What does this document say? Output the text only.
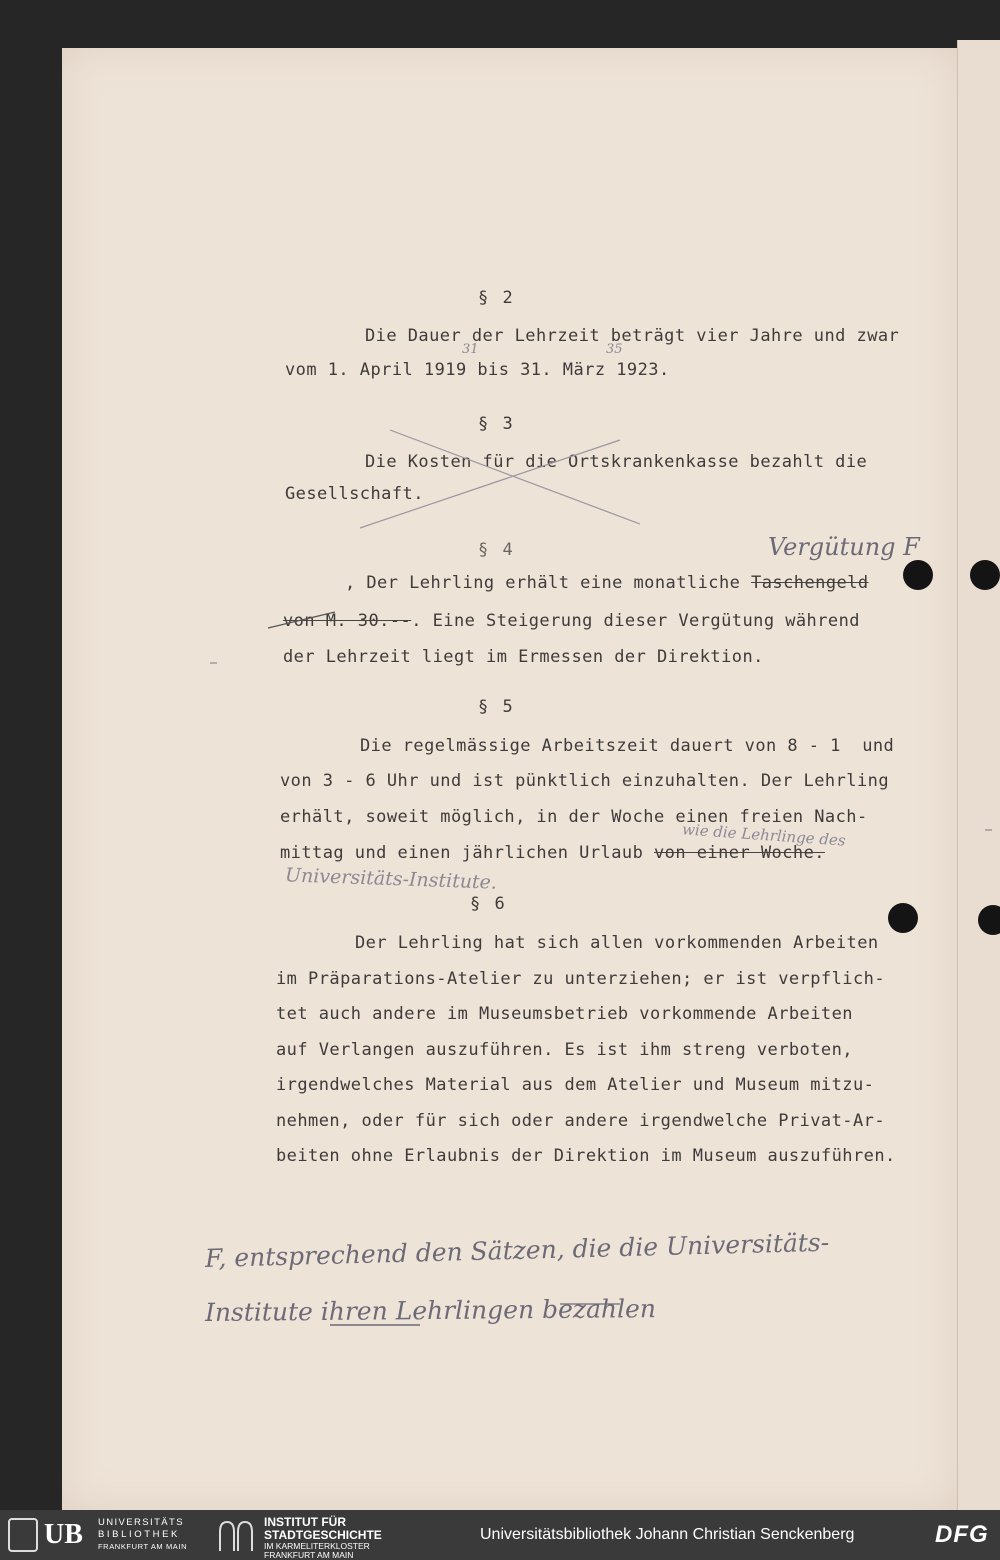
§ 2
Die Dauer der Lehrzeit beträgt vier Jahre und zwar
vom 1. April 1919 bis 31. März 1923.
31	35
§ 3
Die Kosten für die Ortskrankenkasse bezahlt die
Gesellschaft.
§ 4	Vergütung F
, Der Lehrling erhält eine monatliche Taschengeld
von M. 30.--. Eine Steigerung dieser Vergütung während
der Lehrzeit liegt im Ermessen der Direktion.
§ 5
Die regelmässige Arbeitszeit dauert von 8 - 1  und
von 3 - 6 Uhr und ist pünktlich einzuhalten. Der Lehrling
erhält, soweit möglich, in der Woche einen freien Nach-
mittag und einen jährlichen Urlaub von einer Woche.
wie die Lehrlinge des
Universitäts-Institute.
§ 6
Der Lehrling hat sich allen vorkommenden Arbeiten
im Präparations-Atelier zu unterziehen; er ist verpflich-
tet auch andere im Museumsbetrieb vorkommende Arbeiten
auf Verlangen auszuführen. Es ist ihm streng verboten,
irgendwelches Material aus dem Atelier und Museum mitzu-
nehmen, oder für sich oder andere irgendwelche Privat-Ar-
beiten ohne Erlaubnis der Direktion im Museum auszuführen.
F, entsprechend den Sätzen, die die Universitäts-
Institute ihren Lehrlingen bezahlen
UB UNIVERSITÄTS
BIBLIOTHEK
FRANKFURT AM MAIN
INSTITUT FÜR
STADTGESCHICHTE
IM KARMELITERKLOSTER
FRANKFURT AM MAIN
Universitätsbibliothek Johann Christian Senckenberg	DFG
